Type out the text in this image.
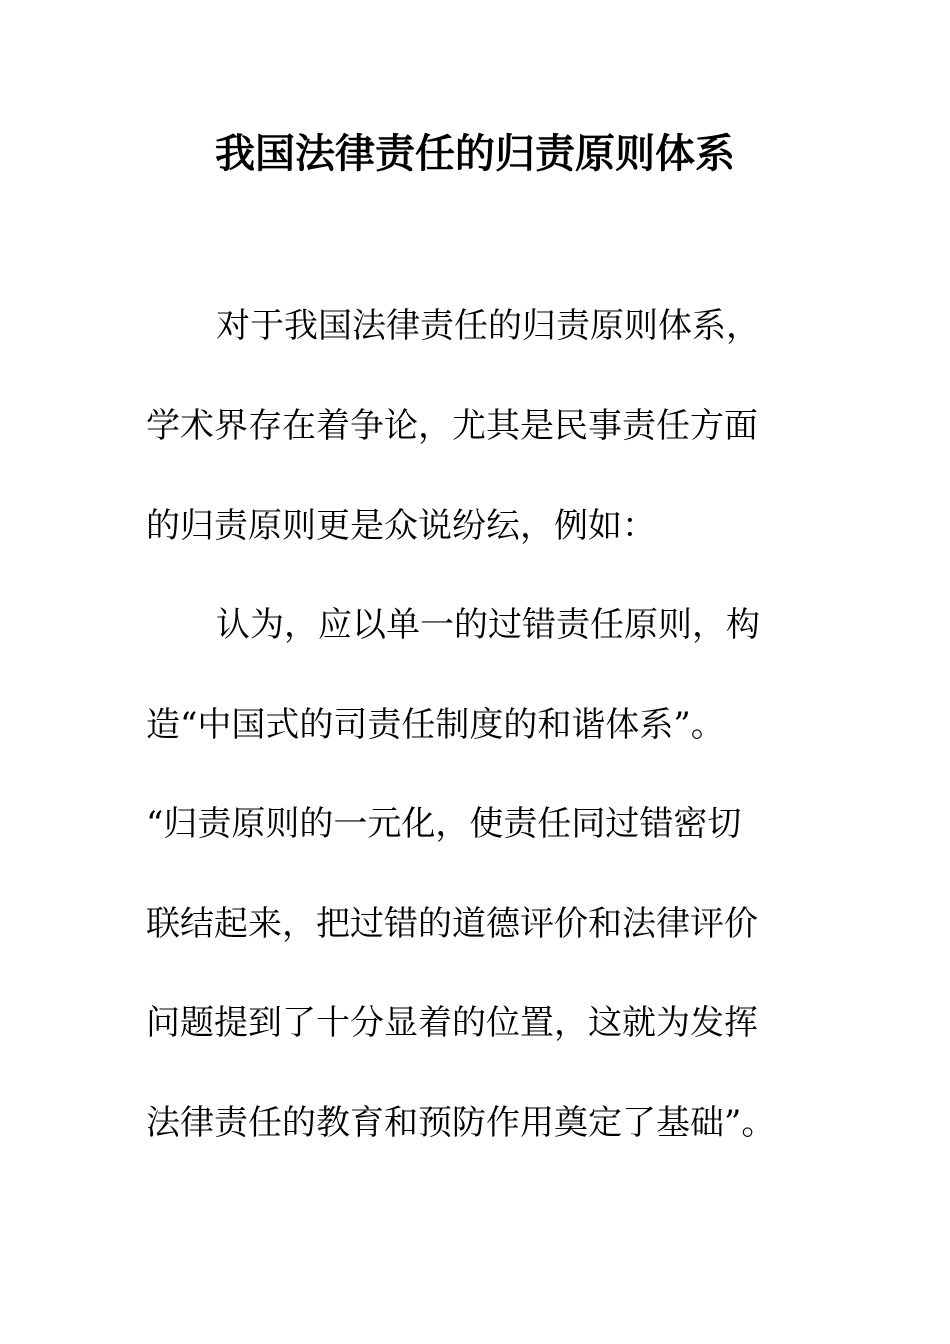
我国法律责任的归责原则体系
对于我国法律责任的归责原则体系，
学术界存在着争论，尤其是民事责任方面
的归责原则更是众说纷纭，例如：
认为，应以单一的过错责任原则，构
造“中国式的司责任制度的和谐体系”。
“归责原则的一元化，使责任同过错密切
联结起来，把过错的道德评价和法律评价
问题提到了十分显着的位置，这就为发挥
法律责任的教育和预防作用奠定了基础”。
